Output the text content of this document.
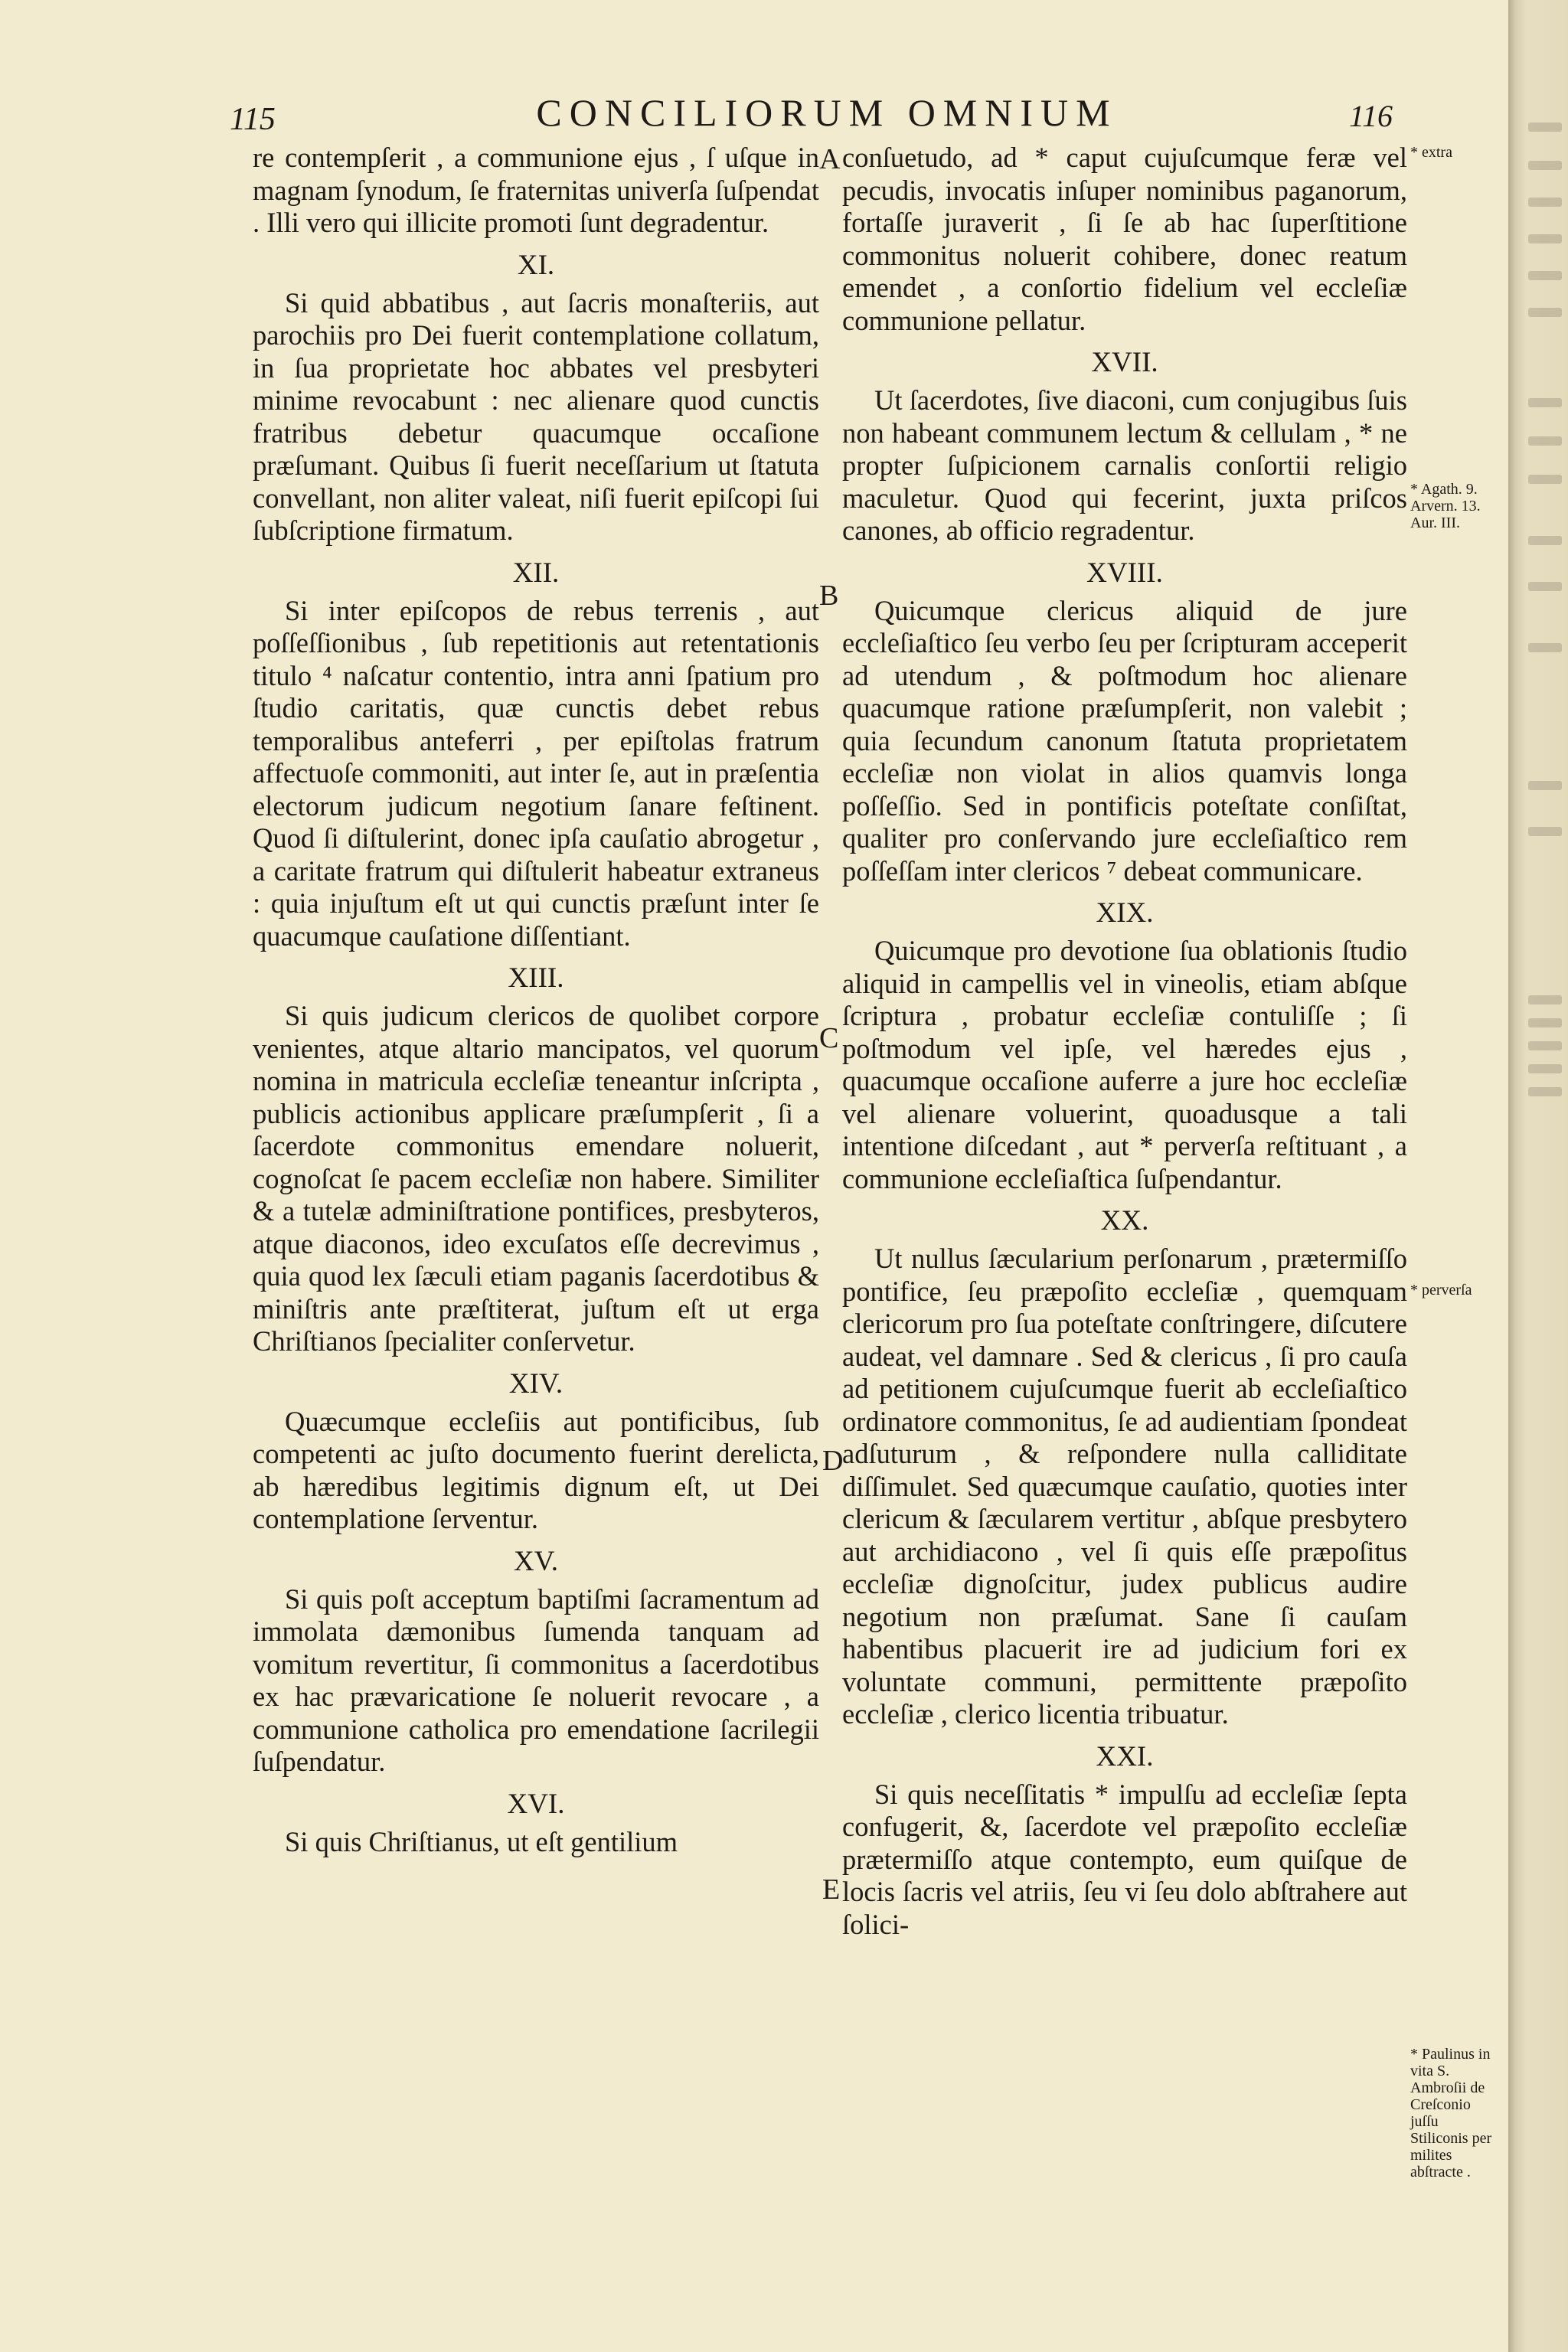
115	CONCILIORUM OMNIUM	116

re contempſerit , a communione ejus , ſ uſque in magnam ſynodum, ſe fraternitas univerſa ſuſpendat . Illi vero qui illicite promoti ſunt degradentur.

XI.

Si quid abbatibus , aut ſacris monaſteriis, aut parochiis pro Dei fuerit contemplatione collatum, in ſua proprietate hoc abbates vel presbyteri minime revocabunt : nec alienare quod cunctis fratribus debetur quacumque occaſione præſumant. Quibus ſi fuerit neceſſarium ut ſtatuta convellant, non aliter valeat, niſi fuerit epiſcopi ſui ſubſcriptione firmatum.

XII.

Si inter epiſcopos de rebus terrenis , aut poſſeſſionibus , ſub repetitionis aut retentationis titulo ⁴ naſcatur contentio, intra anni ſpatium pro ſtudio caritatis, quæ cunctis debet rebus temporalibus anteferri , per epiſtolas fratrum affectuoſe commoniti, aut inter ſe, aut in præſentia electorum judicum negotium ſanare feſtinent. Quod ſi diſtulerint, donec ipſa cauſatio abrogetur , a caritate fratrum qui diſtulerit habeatur extraneus : quia injuſtum eſt ut qui cunctis præſunt inter ſe quacumque cauſatione diſſentiant.

XIII.

Si quis judicum clericos de quolibet corpore venientes, atque altario mancipatos, vel quorum nomina in matricula eccleſiæ teneantur inſcripta , publicis actionibus applicare præſumpſerit , ſi a ſacerdote commonitus emendare noluerit, cognoſcat ſe pacem eccleſiæ non habere. Similiter & a tutelæ adminiſtratione pontifices, presbyteros, atque diaconos, ideo excuſatos eſſe decrevimus , quia quod lex ſæculi etiam paganis ſacerdotibus & miniſtris ante præſtiterat, juſtum eſt ut erga Chriſtianos ſpecialiter conſervetur.

XIV.

Quæcumque eccleſiis aut pontificibus, ſub competenti ac juſto documento fuerint derelicta, ab hæredibus legitimis dignum eſt, ut Dei contemplatione ſerventur.

XV.

Si quis poſt acceptum baptiſmi ſacramentum ad immolata dæmonibus ſumenda tanquam ad vomitum revertitur, ſi commonitus a ſacerdotibus ex hac prævaricatione ſe noluerit revocare , a communione catholica pro emendatione ſacrilegii ſuſpendatur.

XVI.

Si quis Chriſtianus, ut eſt gentilium

conſuetudo, ad * caput cujuſcumque feræ vel pecudis, invocatis inſuper nominibus paganorum, fortaſſe juraverit , ſi ſe ab hac ſuperſtitione commonitus noluerit cohibere, donec reatum emendet , a conſortio fidelium vel eccleſiæ communione pellatur.

XVII.

Ut ſacerdotes, ſive diaconi, cum conjugibus ſuis non habeant communem lectum & cellulam , * ne propter ſuſpicionem carnalis conſortii religio maculetur. Quod qui fecerint, juxta priſcos canones, ab officio regradentur.

XVIII.

Quicumque clericus aliquid de jure eccleſiaſtico ſeu verbo ſeu per ſcripturam acceperit ad utendum , & poſtmodum hoc alienare quacumque ratione præſumpſerit, non valebit ; quia ſecundum canonum ſtatuta proprietatem eccleſiæ non violat in alios quamvis longa poſſeſſio. Sed in pontificis poteſtate conſiſtat, qualiter pro conſervando jure eccleſiaſtico rem poſſeſſam inter clericos ⁷ debeat communicare.

XIX.

Quicumque pro devotione ſua oblationis ſtudio aliquid in campellis vel in vineolis, etiam abſque ſcriptura , probatur eccleſiæ contuliſſe ; ſi poſtmodum vel ipſe, vel hæredes ejus , quacumque occaſione auferre a jure hoc eccleſiæ vel alienare voluerint, quoadusque a tali intentione diſcedant , aut * perverſa reſtituant , a communione eccleſiaſtica ſuſpendantur.

XX.

Ut nullus ſæcularium perſonarum , prætermiſſo pontifice, ſeu præpoſito eccleſiæ , quemquam clericorum pro ſua poteſtate conſtringere, diſcutere audeat, vel damnare . Sed & clericus , ſi pro cauſa ad petitionem cujuſcumque fuerit ab eccleſiaſtico ordinatore commonitus, ſe ad audientiam ſpondeat adſuturum , & reſpondere nulla calliditate diſſimulet. Sed quæcumque cauſatio, quoties inter clericum & ſæcularem vertitur , abſque presbytero aut archidiacono , vel ſi quis eſſe præpoſitus eccleſiæ dignoſcitur, judex publicus audire negotium non præſumat. Sane ſi cauſam habentibus placuerit ire ad judicium fori ex voluntate communi, permittente præpoſito eccleſiæ , clerico licentia tribuatur.

XXI.

Si quis neceſſitatis * impulſu ad eccleſiæ ſepta confugerit, &, ſacerdote vel præpoſito eccleſiæ prætermiſſo atque contempto, eum quiſque de locis ſacris vel atriis, ſeu vi ſeu dolo abſtrahere aut ſolici-

A
B
C
D
E
* extra
* Agath. 9. Arvern. 13. Aur. III.
* perverſa
* Paulinus in vita S. Ambroſii de Creſconio juſſu Stiliconis per milites abſtracte .
